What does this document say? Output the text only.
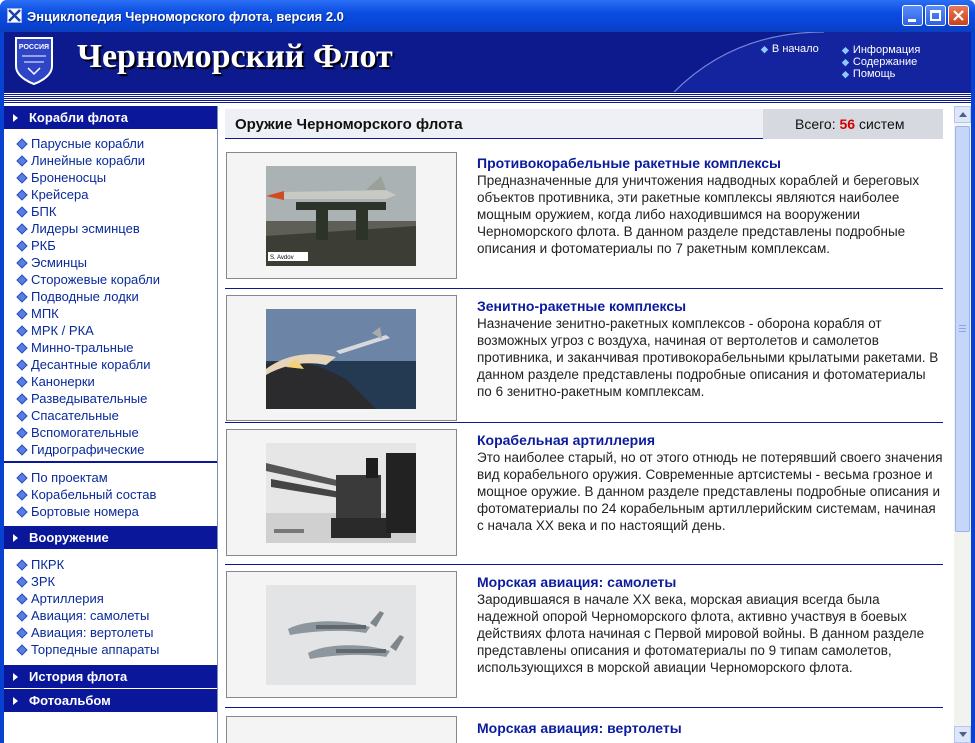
Энциклопедия Черноморского флота, версия 2.0
РОССИЯ Черноморский Флот	◆ В начало	◆ Информация
◆ Содержание
◆ Помощь
Корабли флота
Парусные корабли
Линейные корабли
Броненосцы
Крейсера
БПК
Лидеры эсминцев
РКБ
Эсминцы
Сторожевые корабли
Подводные лодки
МПК
МРК / РКА
Минно-тральные
Десантные корабли
Канонерки
Разведывательные
Спасательные
Вспомогательные
Гидрографические
По проектам
Корабельный состав
Бортовые номера
Вооружение
ПКРК
ЗРК
Артиллерия
Авиация: самолеты
Авиация: вертолеты
Торпедные аппараты
История флота
Фотоальбом
Оружие Черноморского флота	Всего: 56 систем
S. Avdov
Противокорабельные ракетные комплексы

Предназначенные для уничтожения надводных кораблей и береговых объектов противника, эти ракетные комплексы являются наиболее мощным оружием, когда либо находившимся на вооружении Черноморского флота. В данном разделе представлены подробные описания и фотоматериалы по 7 ракетным комплексам.

Зенитно-ракетные комплексы

Назначение зенитно-ракетных комплексов - оборона корабля от возможных угроз с воздуха, начиная от вертолетов и самолетов противника, и заканчивая противокорабельными крылатыми ракетами. В данном разделе представлены подробные описания и фотоматериалы по 6 зенитно-ракетным комплексам.

Корабельная артиллерия

Это наиболее старый, но от этого отнюдь не потерявший своего значения вид корабельного оружия. Современные артсистемы - весьма грозное и мощное оружие. В данном разделе представлены подробные описания и фотоматериалы по 24 корабельным артиллерийским системам, начиная с начала XX века и по настоящий день.

Морская авиация: самолеты

Зародившаяся в начале XX века, морская авиация всегда была надежной опорой Черноморского флота, активно участвуя в боевых действиях флота начиная с Первой мировой войны. В данном разделе представлены описания и фотоматериалы по 9 типам самолетов, использующихся в морской авиации Черноморского флота.

Морская авиация: вертолеты
